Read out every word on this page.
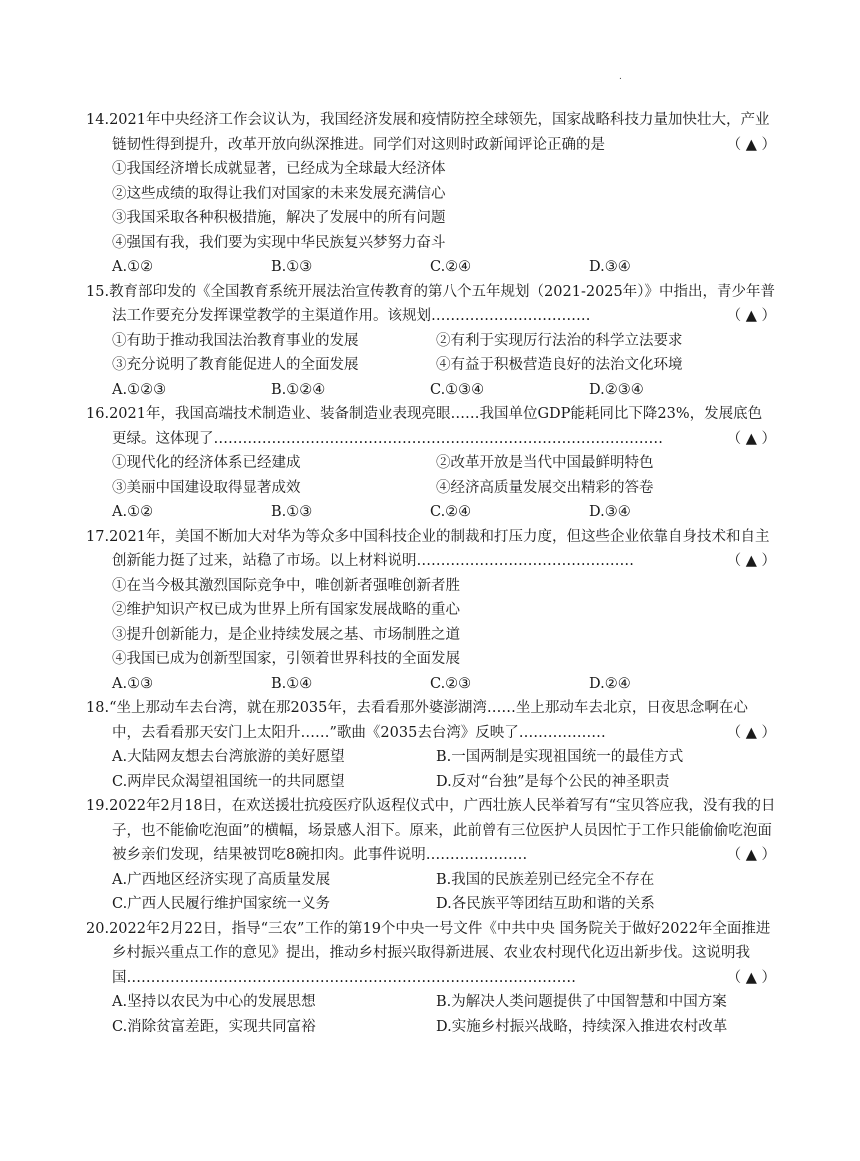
.

14.2021年中央经济工作会议认为，我国经济发展和疫情防控全球领先，国家战略科技力量加快壮大，产业链韧性得到提升，改革开放向纵深推进。同学们对这则时政新闻评论正确的是	（ ▲ ）

①我国经济增长成就显著，已经成为全球最大经济体

②这些成绩的取得让我们对国家的未来发展充满信心

③我国采取各种积极措施，解决了发展中的所有问题

④强国有我，我们要为实现中华民族复兴梦努力奋斗

A.①②	B.①③	C.②④	D.③④

15.教育部印发的《全国教育系统开展法治宣传教育的第八个五年规划（2021-2025年）》中指出，青少年普法工作要充分发挥课堂教学的主渠道作用。该规划……………………………	（ ▲ ）

①有助于推动我国法治教育事业的发展	②有利于实现厉行法治的科学立法要求
③充分说明了教育能促进人的全面发展	④有益于积极营造良好的法治文化环境
A.①②③	B.①②④	C.①③④	D.②③④

16.2021年，我国高端技术制造业、装备制造业表现亮眼……我国单位GDP能耗同比下降23%，发展底色更绿。这体现了…………………………………………………………………………………	（ ▲ ）

①现代化的经济体系已经建成	②改革开放是当代中国最鲜明特色
③美丽中国建设取得显著成效	④经济高质量发展交出精彩的答卷
A.①②	B.①③	C.②④	D.③④

17.2021年，美国不断加大对华为等众多中国科技企业的制裁和打压力度，但这些企业依靠自身技术和自主创新能力挺了过来，站稳了市场。以上材料说明………………………………………	（ ▲ ）

①在当今极其激烈国际竞争中，唯创新者强唯创新者胜

②维护知识产权已成为世界上所有国家发展战略的重心

③提升创新能力，是企业持续发展之基、市场制胜之道

④我国已成为创新型国家，引领着世界科技的全面发展

A.①③	B.①④	C.②③	D.②④

18.“坐上那动车去台湾，就在那2035年，去看看那外婆澎湖湾……坐上那动车去北京，日夜思念啊在心中，去看看那天安门上太阳升……”歌曲《2035去台湾》反映了………………	（ ▲ ）

A.大陆网友想去台湾旅游的美好愿望	B.一国两制是实现祖国统一的最佳方式
C.两岸民众渴望祖国统一的共同愿望	D.反对“台独”是每个公民的神圣职责

19.2022年2月18日，在欢送援壮抗疫医疗队返程仪式中，广西壮族人民举着写有“宝贝答应我，没有我的日子，也不能偷吃泡面”的横幅，场景感人泪下。原来，此前曾有三位医护人员因忙于工作只能偷偷吃泡面被乡亲们发现，结果被罚吃8碗扣肉。此事件说明…………………	（ ▲ ）

A.广西地区经济实现了高质量发展	B.我国的民族差别已经完全不存在
C.广西人民履行维护国家统一义务	D.各民族平等团结互助和谐的关系

20.2022年2月22日，指导“三农”工作的第19个中央一号文件《中共中央 国务院关于做好2022年全面推进乡村振兴重点工作的意见》提出，推动乡村振兴取得新进展、农业农村现代化迈出新步伐。这说明我国…………………………………………………………………………………	（ ▲ ）

A.坚持以农民为中心的发展思想	B.为解决人类问题提供了中国智慧和中国方案
C.消除贫富差距，实现共同富裕	D.实施乡村振兴战略，持续深入推进农村改革
